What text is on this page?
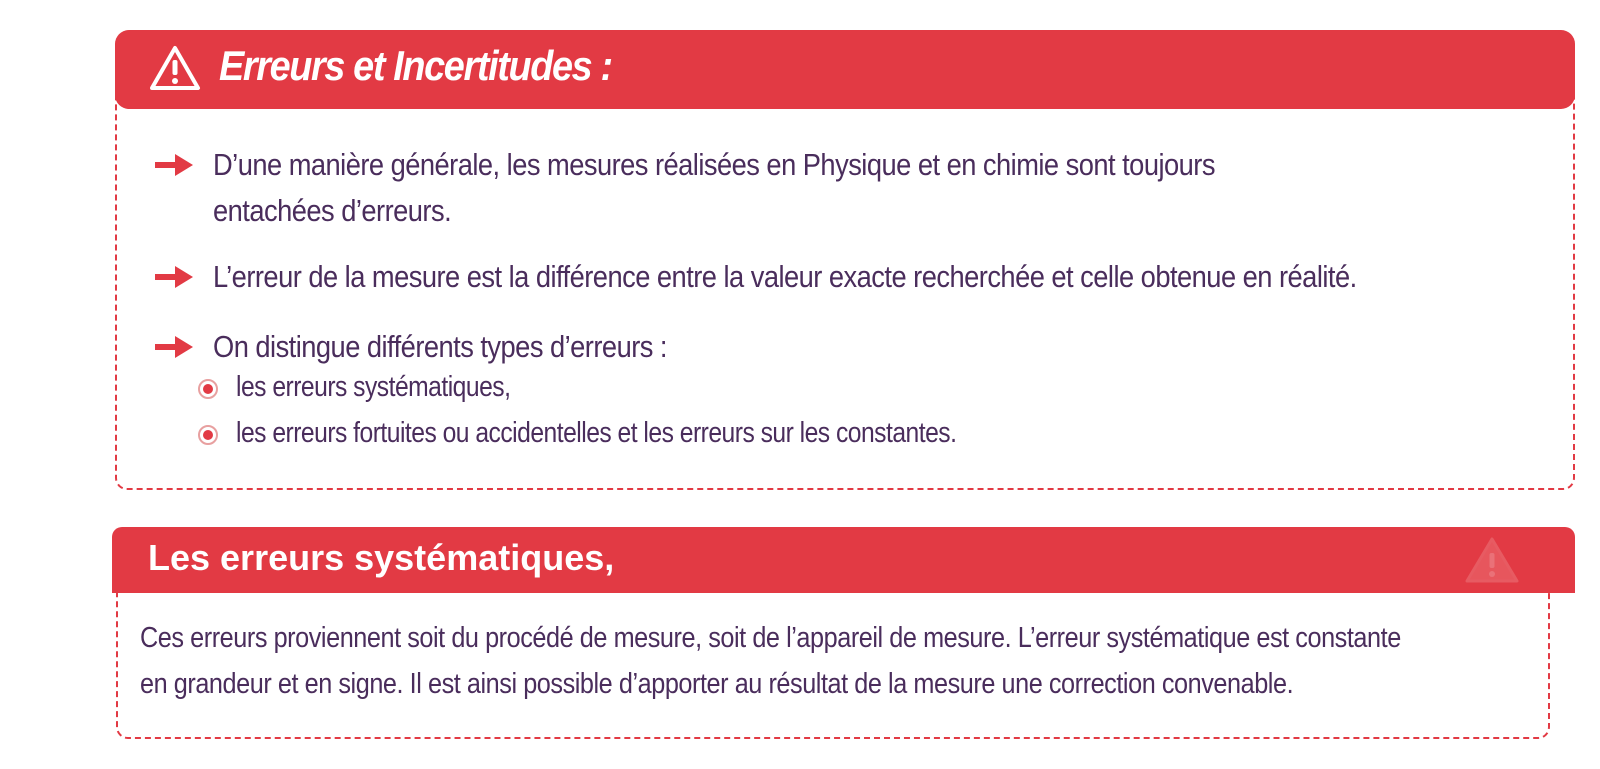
Erreurs et Incertitudes :
D’une manière générale, les mesures réalisées en Physique et en chimie sont toujours
entachées d’erreurs.
L’erreur de la mesure est la différence entre la valeur exacte recherchée et celle obtenue en réalité.
On distingue différents types d’erreurs :
les erreurs systématiques,
les erreurs fortuites ou accidentelles et les erreurs sur les constantes.
Les erreurs systématiques,
Ces erreurs proviennent soit du procédé de mesure, soit de l’appareil de mesure. L’erreur systématique est constante
en grandeur et en signe. Il est ainsi possible d’apporter au résultat de la mesure une correction convenable.
